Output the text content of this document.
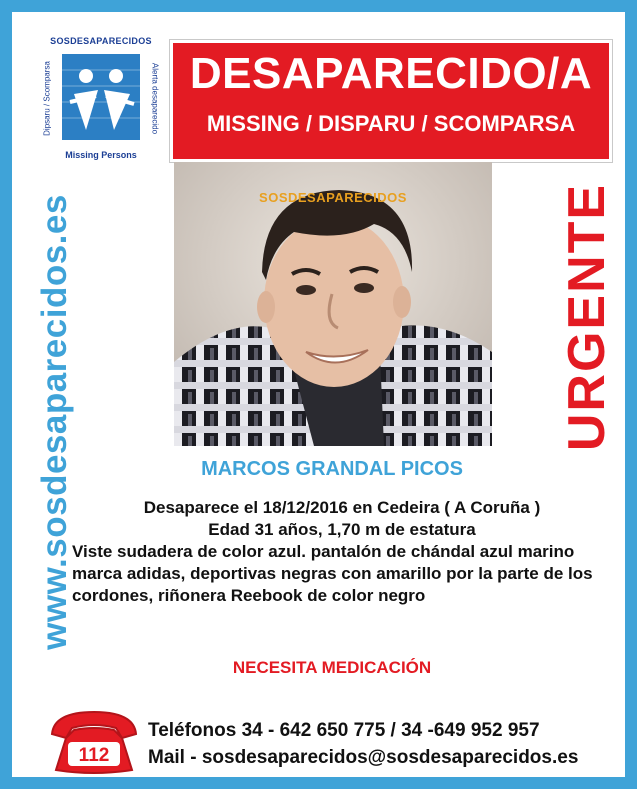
SOSDESAPARECIDOS
Dipsaru / Scomparsa	Alerta desaparecido
Missing Persons
DESAPARECIDO/A
MISSING / DISPARU / SCOMPARSA
www.sosdesaparecidos.es	URGENTE
SOSDESAPARECIDOS
MARCOS GRANDAL PICOS
Desaparece el 18/12/2016 en Cedeira ( A Coruña )
Edad 31 años, 1,70 m de estatura
Viste sudadera de color azul. pantalón de chándal azul marino marca adidas, deportivas negras con amarillo por la parte de los cordones, riñonera Reebook de color negro
NECESITA MEDICACIÓN
112
Teléfonos 34 - 642 650 775 / 34 -649 952 957
Mail - sosdesaparecidos@sosdesaparecidos.es
